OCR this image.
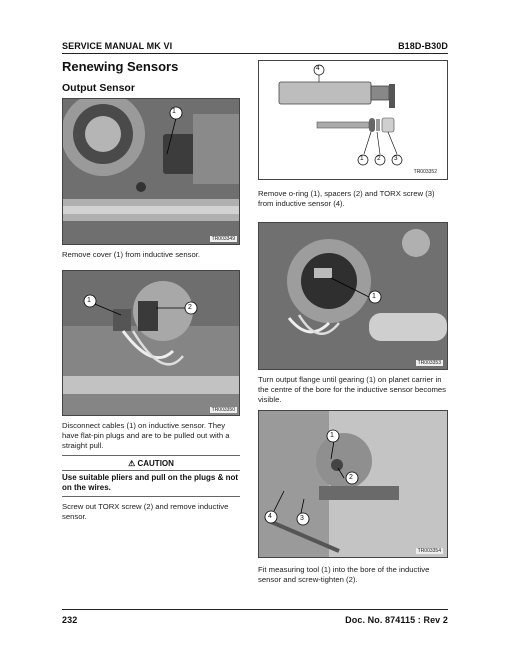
SERVICE MANUAL MK VI	B18D-B30D
Renewing Sensors
Output Sensor
1
TR003349
Remove cover (1) from inductive sensor.
1
2
TR003350
Disconnect cables (1) on inductive sensor. They have flat-pin plugs and are to be pulled out with a straight pull.
⚠ CAUTION
Use suitable pliers and pull on the plugs & not on the wires.
Screw out TORX screw (2) and remove inductive sensor.
4
1 2 3
TR003352
Remove o-ring (1), spacers (2) and TORX screw (3) from inductive sensor (4).
1
TR003353
Turn output flange until gearing (1) on planet carrier in the centre of the bore for the inductive sensor becomes visible.
1
2
4	3
TR003354
Fit measuring tool (1) into the bore of the inductive sensor and screw-tighten (2).
232	Doc. No. 874115 : Rev 2
